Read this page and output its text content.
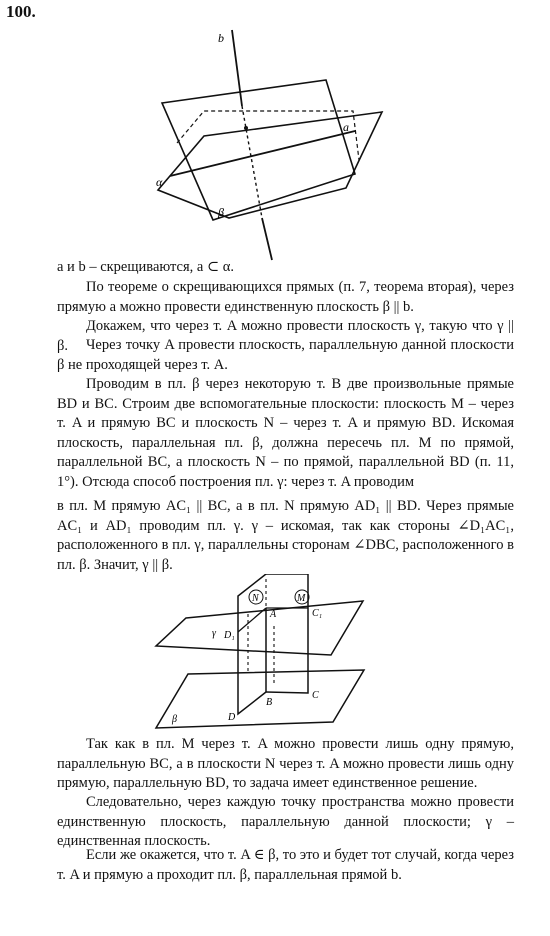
100.
b
a
α
β
a и b – скрещиваются, a ⊂ α.
По теореме о скрещивающихся прямых (п. 7, теорема вторая), через прямую a можно провести единственную плоскость β || b.
Докажем, что через т. A можно провести плоскость γ, такую что γ || β.	Через точку A провести плоскость, параллельную данной плоскости β не проходящей через т. A.
Проводим в пл. β через некоторую т. B две произвольные прямые BD и BC. Строим две вспомогательные плоскости: плоскость M – через т. A и прямую BC и плоскость N – через т. A и прямую BD. Искомая плоскость, параллельная пл. β, должна пересечь пл. M по прямой, параллельной BC, а плоскость N – по прямой, параллельной BD (п. 11, 1°). Отсюда способ построения пл. γ: через т. A проводим
в пл. M прямую AC₁ || BC, а в пл. N прямую AD₁ || BD. Через прямые AC₁ и AD₁ проводим пл. γ. γ – искомая, так как стороны ∠D₁AC₁, расположенного в пл. γ, параллельны сторонам ∠DBC, расположенного в пл. β. Значит, γ || β.
N	M
C₁
A
γ D₁
β
B
C
D
Так как в пл. M через т. A можно провести лишь одну прямую, параллельную BC, а в плоскости N через т. A можно провести лишь одну прямую, параллельную BD, то задача имеет единственное решение.
Следовательно, через каждую точку пространства можно провести единственную плоскость, параллельную данной плоскости; γ – единственная плоскость.
Если же окажется, что т. A ∈ β, то это и будет тот случай, когда через т. A и прямую a проходит пл. β, параллельная прямой b.
